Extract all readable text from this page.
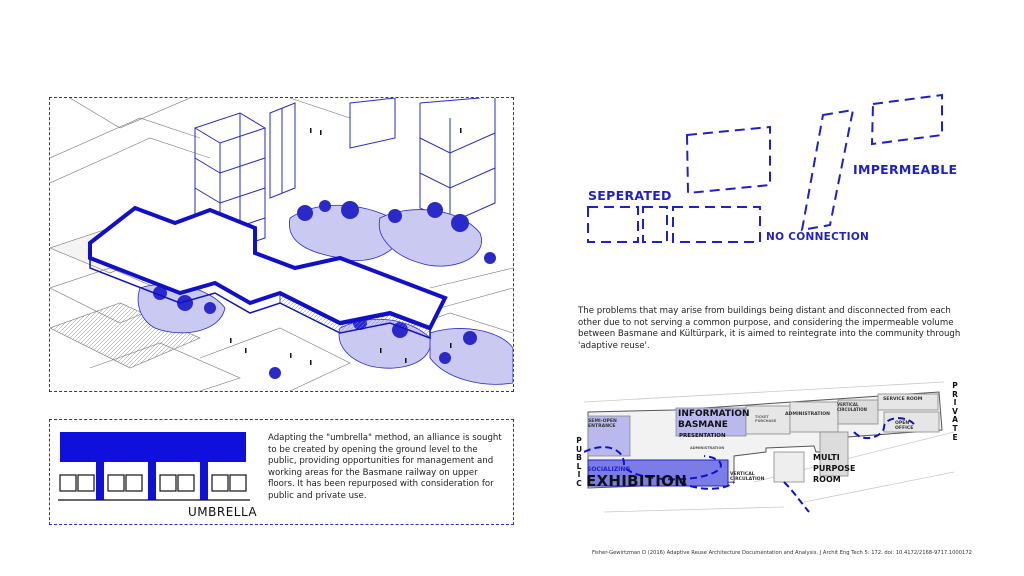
SEPERATED
NO CONNECTION
IMPERMEABLE
The problems that may arise from buildings being distant and disconnected from each other due to not serving a common purpose, and considering the impermeable volume between Basmane and Kültürpark, it is aimed to reintegrate into the community through 'adaptive reuse'.
UMBRELLA
Adapting the "umbrella" method, an alliance is sought to be created by opening the ground level to the public, providing opportunities for management and working areas for the Basmane railway on upper floors. It has been repurposed with consideration for public and private use.
INFORMATION
BASMANE
PRESENTATION
SOCIALIZING
EXHIBITION
SEMI-OPEN
ENTRANCE
MULTI
PURPOSE
ROOM
ADMINISTRATION
SERVICE ROOM
VERTICAL
CIRCULATION
VERTICAL
CIRCULATION
OPEN
OFFICE
TICKET
PURCHASE
ADMINISTRATION
P
U
B
L
I
C
P
R
I
V
A
T
E
Fisher-Gewirtzman D (2016) Adaptive Reuse Architecture Documentation and Analysis. J Archit Eng Tech 5: 172. doi: 10.4172/2168-9717.1000172
